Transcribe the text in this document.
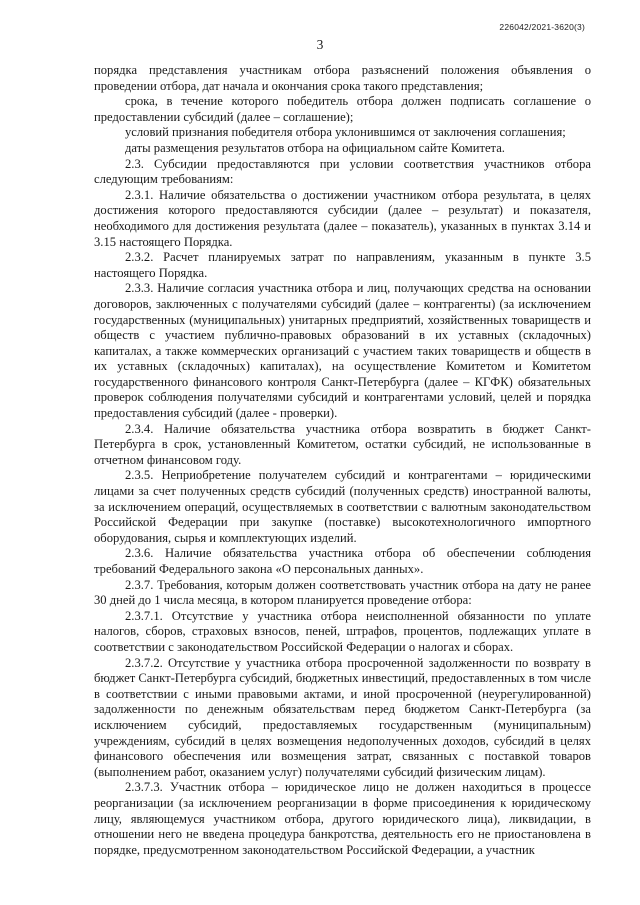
226042/2021-3620(3)
3

порядка представления участникам отбора разъяснений положения объявления о проведении отбора, дат начала и окончания срока такого представления;

срока, в течение которого победитель отбора должен подписать соглашение о предоставлении субсидий (далее – соглашение);

условий признания победителя отбора уклонившимся от заключения соглашения;

даты размещения результатов отбора на официальном сайте Комитета.

2.3. Субсидии предоставляются при условии соответствия участников отбора следующим требованиям:

2.3.1. Наличие обязательства о достижении участником отбора результата, в целях достижения которого предоставляются субсидии (далее – результат) и показателя, необходимого для достижения результата (далее – показатель), указанных в пунктах 3.14 и 3.15 настоящего Порядка.

2.3.2. Расчет планируемых затрат по направлениям, указанным в пункте 3.5 настоящего Порядка.

2.3.3. Наличие согласия участника отбора и лиц, получающих средства на основании договоров, заключенных с получателями субсидий (далее – контрагенты) (за исключением государственных (муниципальных) унитарных предприятий, хозяйственных товариществ и обществ с участием публично-правовых образований в их уставных (складочных) капиталах, а также коммерческих организаций с участием таких товариществ и обществ в их уставных (складочных) капиталах), на осуществление Комитетом и Комитетом государственного финансового контроля Санкт-Петербурга (далее – КГФК) обязательных проверок соблюдения получателями субсидий и контрагентами условий, целей и порядка предоставления субсидий (далее - проверки).

2.3.4. Наличие обязательства участника отбора возвратить в бюджет Санкт-Петербурга в срок, установленный Комитетом, остатки субсидий, не использованные в отчетном финансовом году.

2.3.5. Неприобретение получателем субсидий и контрагентами – юридическими лицами за счет полученных средств субсидий (полученных средств) иностранной валюты, за исключением операций, осуществляемых в соответствии с валютным законодательством Российской Федерации при закупке (поставке) высокотехнологичного импортного оборудования, сырья и комплектующих изделий.

2.3.6. Наличие обязательства участника отбора об обеспечении соблюдения требований Федерального закона «О персональных данных».

2.3.7. Требования, которым должен соответствовать участник отбора на дату не ранее 30 дней до 1 числа месяца, в котором планируется проведение отбора:

2.3.7.1. Отсутствие у участника отбора неисполненной обязанности по уплате налогов, сборов, страховых взносов, пеней, штрафов, процентов, подлежащих уплате в соответствии с законодательством Российской Федерации о налогах и сборах.

2.3.7.2. Отсутствие у участника отбора просроченной задолженности по возврату в бюджет Санкт-Петербурга субсидий, бюджетных инвестиций, предоставленных в том числе в соответствии с иными правовыми актами, и иной просроченной (неурегулированной) задолженности по денежным обязательствам перед бюджетом Санкт-Петербурга (за исключением субсидий, предоставляемых государственным (муниципальным) учреждениям, субсидий в целях возмещения недополученных доходов, субсидий в целях финансового обеспечения или возмещения затрат, связанных с поставкой товаров (выполнением работ, оказанием услуг) получателями субсидий физическим лицам).

2.3.7.3. Участник отбора – юридическое лицо не должен находиться в процессе реорганизации (за исключением реорганизации в форме присоединения к юридическому лицу, являющемуся участником отбора, другого юридического лица), ликвидации, в отношении него не введена процедура банкротства, деятельность его не приостановлена в порядке, предусмотренном законодательством Российской Федерации, а участник
